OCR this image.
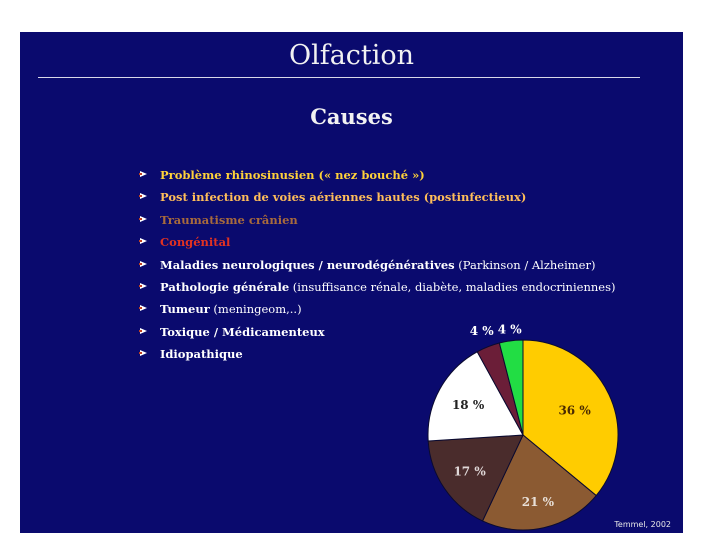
Olfaction
Causes
Problème rhinosinusien (« nez bouché »)
Post infection de voies aériennes hautes (postinfectieux)
Traumatisme crânien
Congénital
Maladies neurologiques / neurodégénératives (Parkinson / Alzheimer)
Pathologie générale (insuffisance rénale, diabète, maladies endocriniennes)
Tumeur (meningeom,..)
Toxique / Médicamenteux
Idiopathique
36 %
21 %
17 %
18 %
4 % 4 %
Temmel, 2002
